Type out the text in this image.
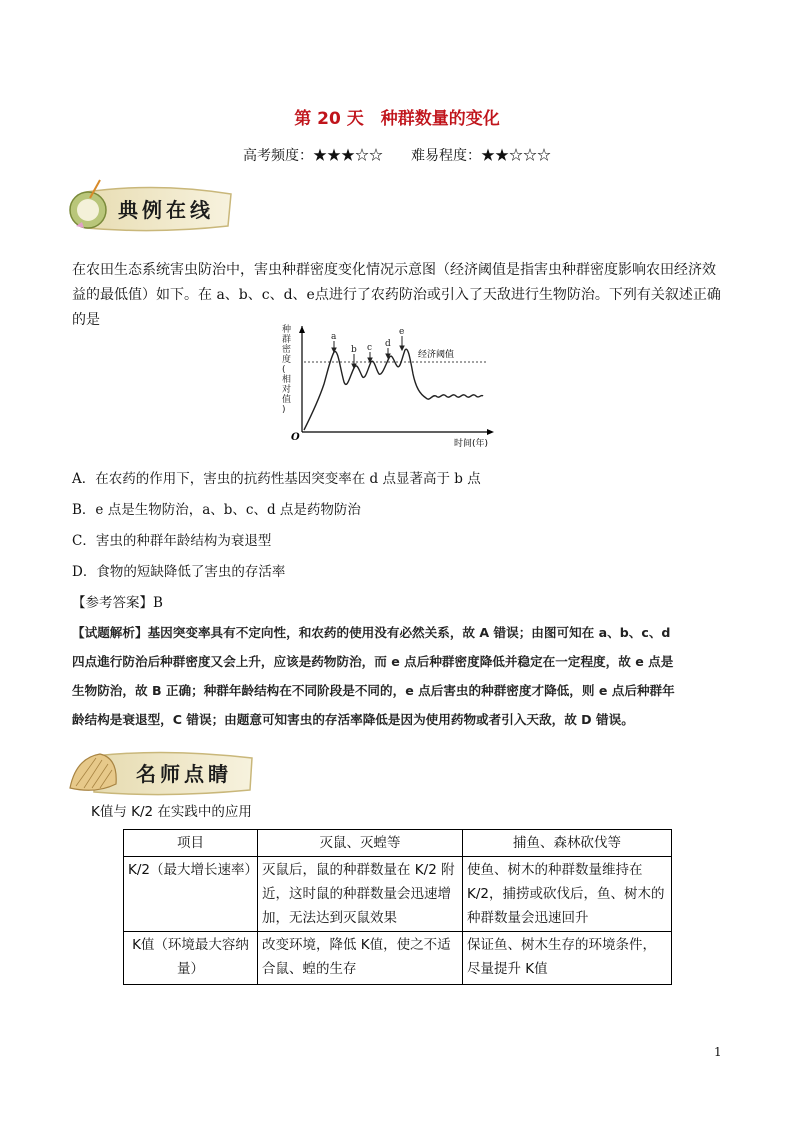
第 20 天　种群数量的变化
高考频度：★★★☆☆　　难易程度：★★☆☆☆
典例在线
在农田生态系统害虫防治中，害虫种群密度变化情况示意图（经济阈值是指害虫种群密度影响农田经济效
益的最低值）如下。在 a、b、c、d、e点进行了农药防治或引入了天敌进行生物防治。下列有关叙述正确的是
种群密 度(相 对值)
O
时间(年)
经济阈值
a
b c d
e
A．在农药的作用下，害虫的抗药性基因突变率在 d 点显著高于 b 点
B．e 点是生物防治，a、b、c、d 点是药物防治
C．害虫的种群年龄结构为衰退型
D．食物的短缺降低了害虫的存活率
【参考答案】B
【试题解析】基因突变率具有不定向性，和农药的使用没有必然关系，故 A 错误；由图可知在 a、b、c、d
四点進行防治后种群密度又会上升，应该是药物防治，而 e 点后种群密度降低并稳定在一定程度，故 e 点是
生物防治，故 B 正确；种群年龄结构在不同阶段是不同的，e 点后害虫的种群密度才降低，则 e 点后种群年
龄结构是衰退型，C 错误；由题意可知害虫的存活率降低是因为使用药物或者引入天敌，故 D 错误。
名师点睛
K值与 K/2 在实践中的应用
项目	灭鼠、灭蝗等	捕鱼、森林砍伐等
K/2（最大增长速率）	灭鼠后，鼠的种群数量在 K/2 附近，这时鼠的种群数量会迅速增加，无法达到灭鼠效果	使鱼、树木的种群数量维持在 K/2，捕捞或砍伐后，鱼、树木的种群数量会迅速回升
K值（环境最大容纳量）	改变环境，降低 K值，使之不适合鼠、蝗的生存	保证鱼、树木生存的环境条件，尽量提升 K值
1
